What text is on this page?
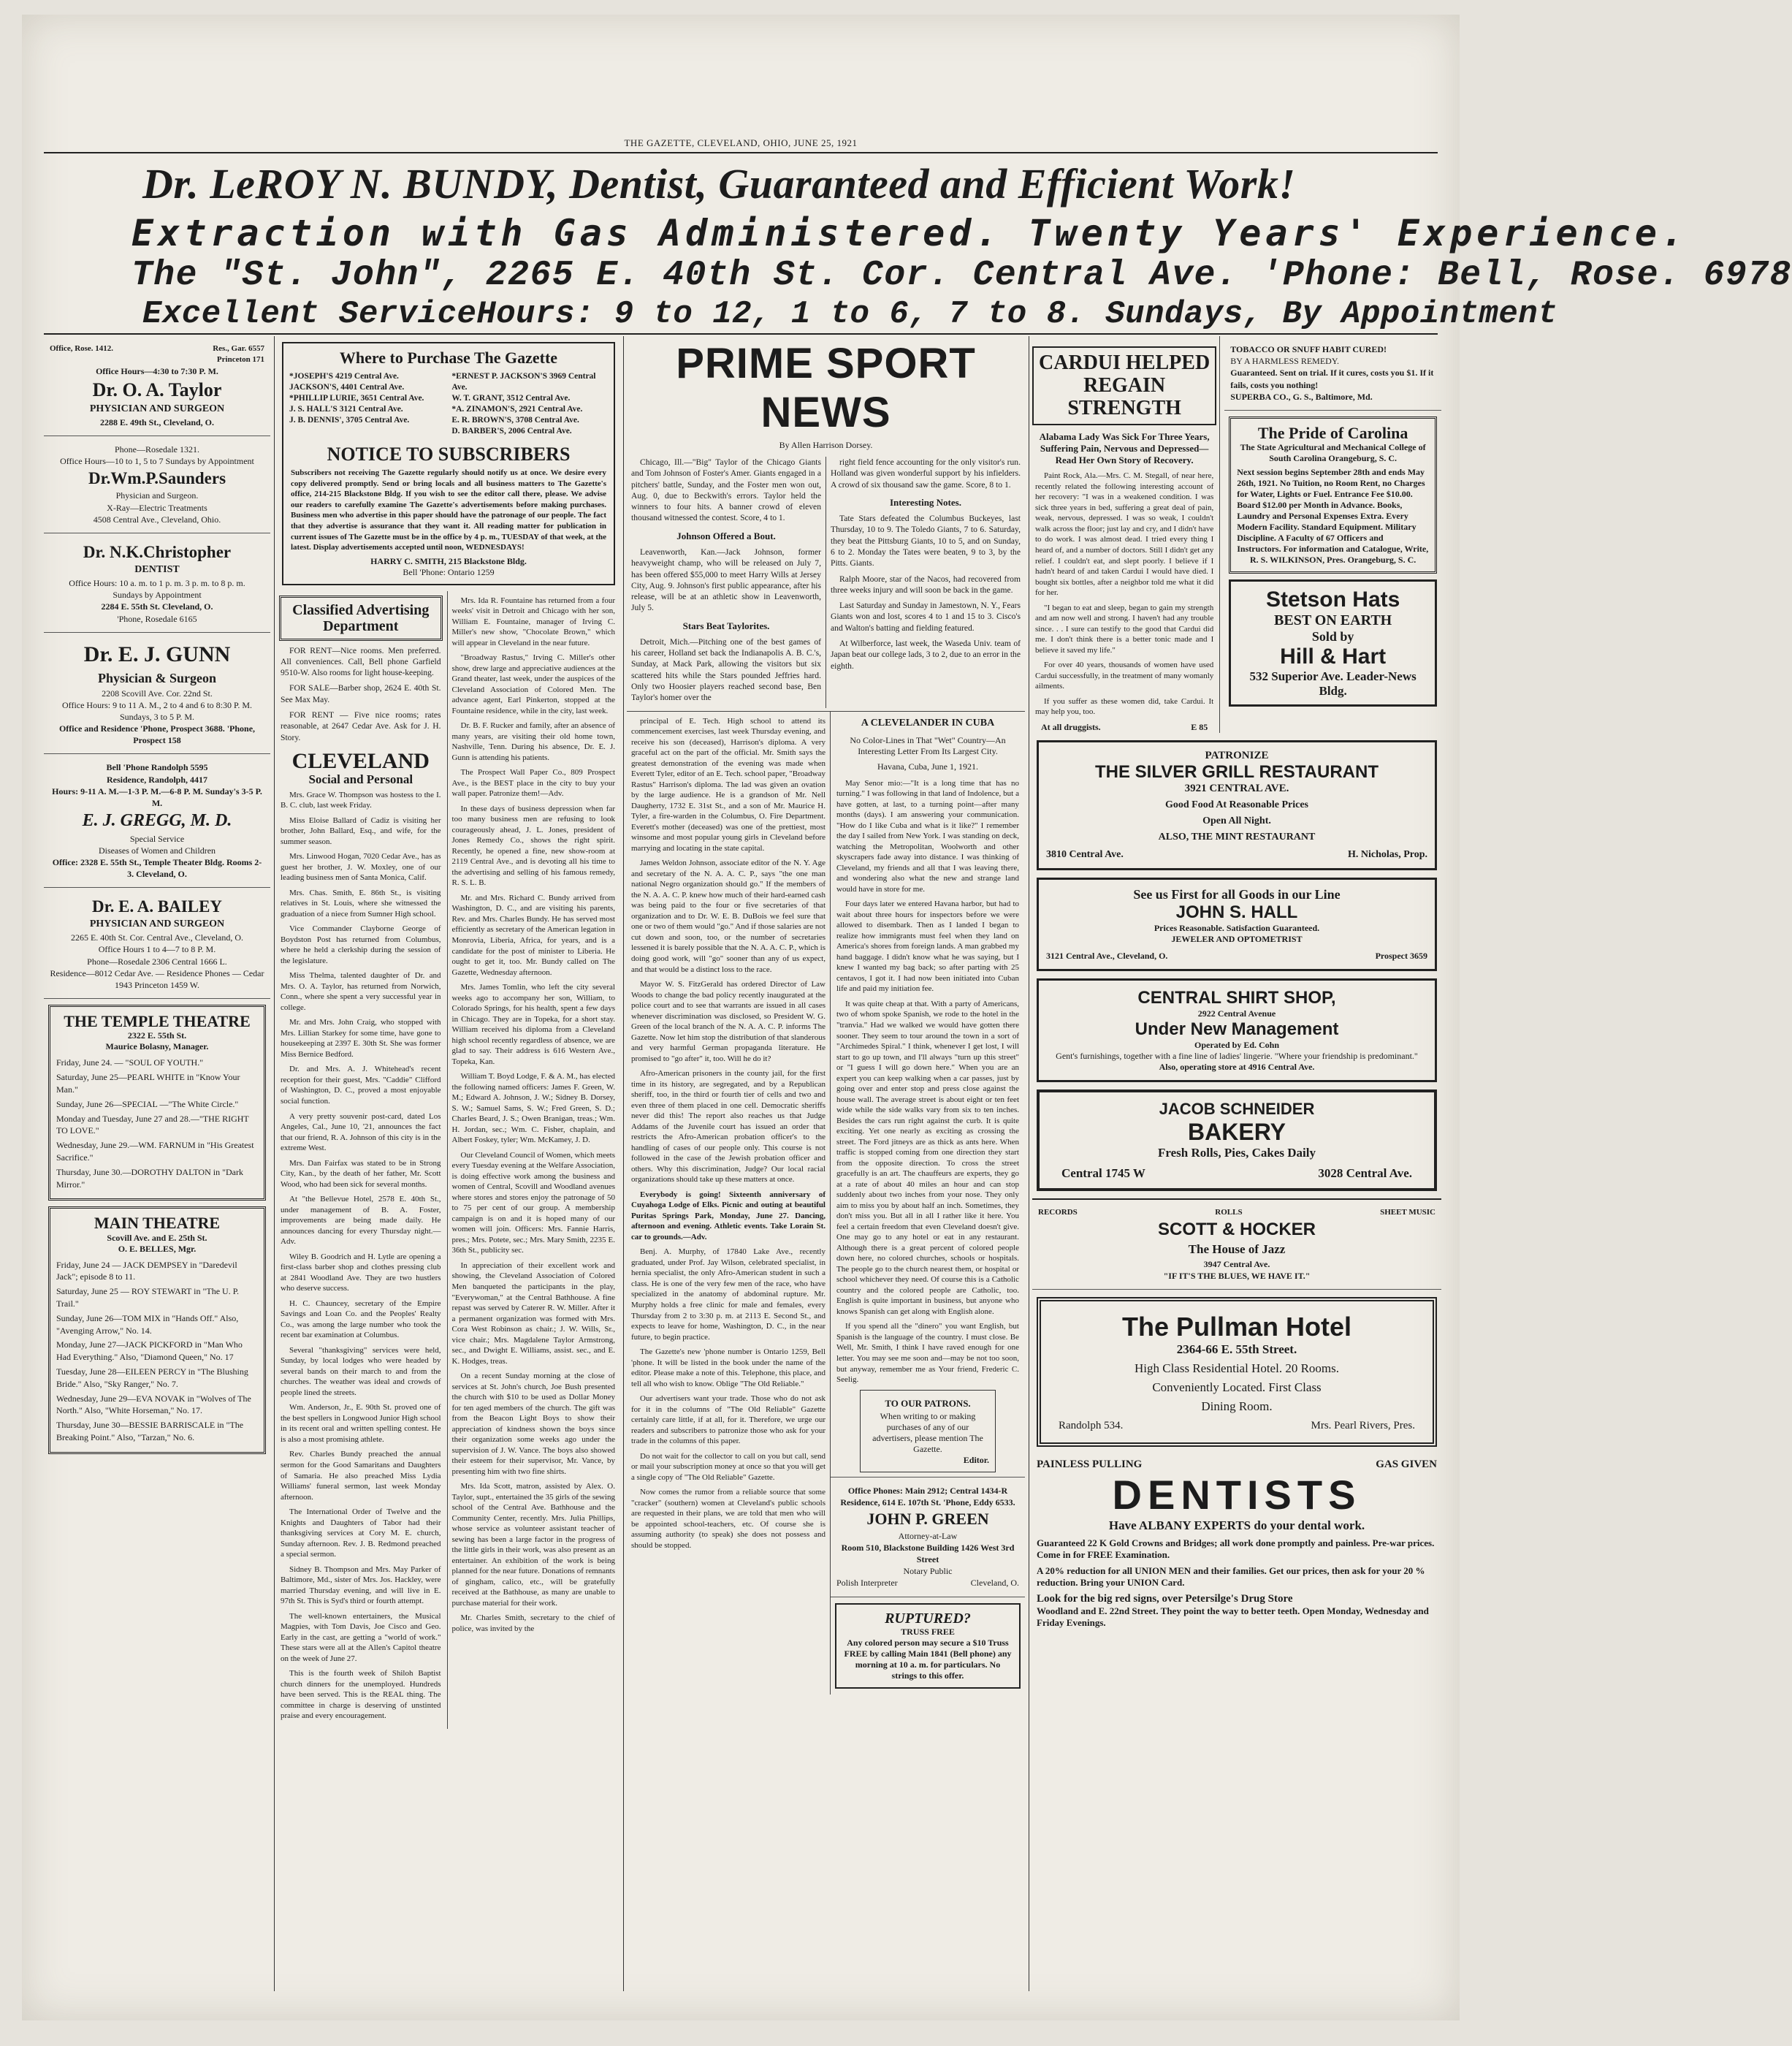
THE GAZETTE, CLEVELAND, OHIO, JUNE 25, 1921
Dr. LeROY N. BUNDY, Dentist, Guaranteed and Efficient Work!
Extraction with Gas Administered. Twenty Years' Experience.
The "St. John", 2265 E. 40th St. Cor. Central Ave. 'Phone: Bell, Rose. 6978
Excellent ServiceHours: 9 to 12, 1 to 6, 7 to 8. Sundays, By Appointment
Office, Rose. 1412.	Res., Gar. 6557
Princeton 171
Office Hours—4:30 to 7:30 P. M.
Dr. O. A. Taylor
PHYSICIAN AND SURGEON
2288 E. 49th St., Cleveland, O.
Phone—Rosedale 1321.
Office Hours—10 to 1, 5 to 7 Sundays by Appointment
Dr.Wm.P.Saunders
Physician and Surgeon.
X-Ray—Electric Treatments
4508 Central Ave., Cleveland, Ohio.
Dr. N.K.Christopher
DENTIST
Office Hours: 10 a. m. to 1 p. m. 3 p. m. to 8 p. m.
Sundays by Appointment
2284 E. 55th St. Cleveland, O.
'Phone, Rosedale 6165
Dr. E. J. GUNN
Physician & Surgeon
2208 Scovill Ave. Cor. 22nd St.
Office Hours: 9 to 11 A. M., 2 to 4 and 6 to 8:30 P. M. Sundays, 3 to 5 P. M.
Office and Residence 'Phone, Prospect 3688. 'Phone, Prospect 158
Bell 'Phone Randolph 5595
Residence, Randolph, 4417
Hours: 9-11 A. M.—1-3 P. M.—6-8 P. M. Sunday's 3-5 P. M.
E. J. GREGG, M. D.
Special Service
Diseases of Women and Children
Office: 2328 E. 55th St., Temple Theater Bldg. Rooms 2-3. Cleveland, O.
Dr. E. A. BAILEY
PHYSICIAN AND SURGEON
2265 E. 40th St. Cor. Central Ave., Cleveland, O.
Office Hours 1 to 4—7 to 8 P. M.
Phone—Rosedale 2306 Central 1666 L.
Residence—8012 Cedar Ave. — Residence Phones — Cedar 1943 Princeton 1459 W.
THE TEMPLE THEATRE
2322 E. 55th St.
Maurice Bolasny, Manager.

Friday, June 24. — "SOUL OF YOUTH."

Saturday, June 25—PEARL WHITE in "Know Your Man."

Sunday, June 26—SPECIAL —"The White Circle."

Monday and Tuesday, June 27 and 28.—"THE RIGHT TO LOVE."

Wednesday, June 29.—WM. FARNUM in "His Greatest Sacrifice."

Thursday, June 30.—DOROTHY DALTON in "Dark Mirror."

MAIN THEATRE
Scovill Ave. and E. 25th St.
O. E. BELLES, Mgr.

Friday, June 24 — JACK DEMPSEY in "Daredevil Jack"; episode 8 to 11.

Saturday, June 25 — ROY STEWART in "The U. P. Trail."

Sunday, June 26—TOM MIX in "Hands Off." Also, "Avenging Arrow," No. 14.

Monday, June 27—JACK PICKFORD in "Man Who Had Everything." Also, "Diamond Queen," No. 17

Tuesday, June 28—EILEEN PERCY in "The Blushing Bride." Also, "Sky Ranger," No. 7.

Wednesday, June 29—EVA NOVAK in "Wolves of The North." Also, "White Horseman," No. 17.

Thursday, June 30—BESSIE BARRISCALE in "The Breaking Point." Also, "Tarzan," No. 6.

Where to Purchase The Gazette
*JOSEPH'S 4219 Central Ave.
JACKSON'S, 4401 Central Ave.
*PHILLIP LURIE, 3651 Central Ave.
J. S. HALL'S 3121 Central Ave.
J. B. DENNIS', 3705 Central Ave.
*ERNEST P. JACKSON'S 3969 Central Ave.
W. T. GRANT, 3512 Central Ave.
*A. ZINAMON'S, 2921 Central Ave.
E. R. BROWN'S, 3708 Central Ave.
D. BARBER'S, 2006 Central Ave.
NOTICE TO SUBSCRIBERS
Subscribers not receiving The Gazette regularly should notify us at once. We desire every copy delivered promptly. Send or bring locals and all business matters to The Gazette's office, 214-215 Blackstone Bldg. If you wish to see the editor call there, please. We advise our readers to carefully examine The Gazette's advertisements before making purchases. Business men who advertise in this paper should have the patronage of our people. The fact that they advertise is assurance that they want it. All reading matter for publication in current issues of The Gazette must be in the office by 4 p. m., TUESDAY of that week, at the latest. Display advertisements accepted until noon, WEDNESDAYS!
HARRY C. SMITH, 215 Blackstone Bldg.
Bell 'Phone: Ontario 1259
Classified Advertising Department

FOR RENT—Nice rooms. Men preferred. All conveniences. Call, Bell phone Garfield 9510-W. Also rooms for light house-keeping.

FOR SALE—Barber shop, 2624 E. 40th St. See Max May.

FOR RENT — Five nice rooms; rates reasonable, at 2647 Cedar Ave. Ask for J. H. Story.

CLEVELAND
Social and Personal

Mrs. Grace W. Thompson was hostess to the I. B. C. club, last week Friday.

Miss Eloise Ballard of Cadiz is visiting her brother, John Ballard, Esq., and wife, for the summer season.

Mrs. Linwood Hogan, 7020 Cedar Ave., has as guest her brother, J. W. Moxley, one of our leading business men of Santa Monica, Calif.

Mrs. Chas. Smith, E. 86th St., is visiting relatives in St. Louis, where she witnessed the graduation of a niece from Sumner High school.

Vice Commander Clayborne George of Boydston Post has returned from Columbus, where he held a clerkship during the session of the legislature.

Miss Thelma, talented daughter of Dr. and Mrs. O. A. Taylor, has returned from Norwich, Conn., where she spent a very successful year in college.

Mr. and Mrs. John Craig, who stopped with Mrs. Lillian Starkey for some time, have gone to housekeeping at 2397 E. 30th St. She was former Miss Bernice Bedford.

Dr. and Mrs. A. J. Whitehead's recent reception for their guest, Mrs. "Caddie" Clifford of Washington, D. C., proved a most enjoyable social function.

A very pretty souvenir post-card, dated Los Angeles, Cal., June 10, '21, announces the fact that our friend, R. A. Johnson of this city is in the extreme West.

Mrs. Dan Fairfax was stated to be in Strong City, Kan., by the death of her father, Mr. Scott Wood, who had been sick for several months.

At "the Bellevue Hotel, 2578 E. 40th St., under management of B. A. Foster, improvements are being made daily. He announces dancing for every Thursday night.—Adv.

Wiley B. Goodrich and H. Lytle are opening a first-class barber shop and clothes pressing club at 2841 Woodland Ave. They are two hustlers who deserve success.

H. C. Chauncey, secretary of the Empire Savings and Loan Co. and the Peoples' Realty Co., was among the large number who took the recent bar examination at Columbus.

Several "thanksgiving" services were held, Sunday, by local lodges who were headed by several bands on their march to and from the churches. The weather was ideal and crowds of people lined the streets.

Wm. Anderson, Jr., E. 90th St. proved one of the best spellers in Longwood Junior High school in its recent oral and written spelling contest. He is also a most promising athlete.

Rev. Charles Bundy preached the annual sermon for the Good Samaritans and Daughters of Samaria. He also preached Miss Lydia Williams' funeral sermon, last week Monday afternoon.

The International Order of Twelve and the Knights and Daughters of Tabor had their thanksgiving services at Cory M. E. church, Sunday afternoon. Rev. J. B. Redmond preached a special sermon.

Sidney B. Thompson and Mrs. May Parker of Baltimore, Md., sister of Mrs. Jos. Hackley, were married Thursday evening, and will live in E. 97th St. This is Syd's third or fourth attempt.

The well-known entertainers, the Musical Magpies, with Tom Davis, Joe Cisco and Geo. Early in the cast, are getting a "world of work." These stars were all at the Allen's Capitol theatre on the week of June 27.

This is the fourth week of Shiloh Baptist church dinners for the unemployed. Hundreds have been served. This is the REAL thing. The committee in charge is deserving of unstinted praise and every encouragement.

Mrs. Ida R. Fountaine has returned from a four weeks' visit in Detroit and Chicago with her son, William E. Fountaine, manager of Irving C. Miller's new show, "Chocolate Brown," which will appear in Cleveland in the near future.

"Broadway Rastus," Irving C. Miller's other show, drew large and appreciative audiences at the Grand theater, last week, under the auspices of the Cleveland Association of Colored Men. The advance agent, Earl Pinkerton, stopped at the Fountaine residence, while in the city, last week.

Dr. B. F. Rucker and family, after an absence of many years, are visiting their old home town, Nashville, Tenn. During his absence, Dr. E. J. Gunn is attending his patients.

The Prospect Wall Paper Co., 809 Prospect Ave., is the BEST place in the city to buy your wall paper. Patronize them!—Adv.

In these days of business depression when far too many business men are refusing to look courageously ahead, J. L. Jones, president of Jones Remedy Co., shows the right spirit. Recently, he opened a fine, new show-room at 2119 Central Ave., and is devoting all his time to the advertising and selling of his famous remedy, R. S. L. B.

Mr. and Mrs. Richard C. Bundy arrived from Washington, D. C., and are visiting his parents, Rev. and Mrs. Charles Bundy. He has served most efficiently as secretary of the American legation in Monrovia, Liberia, Africa, for years, and is a candidate for the post of minister to Liberia. He ought to get it, too. Mr. Bundy called on The Gazette, Wednesday afternoon.

Mrs. James Tomlin, who left the city several weeks ago to accompany her son, William, to Colorado Springs, for his health, spent a few days in Chicago. They are in Topeka, for a short stay. William received his diploma from a Cleveland high school recently regardless of absence, we are glad to say. Their address is 616 Western Ave., Topeka, Kan.

William T. Boyd Lodge, F. & A. M., has elected the following named officers: James F. Green, W. M.; Edward A. Johnson, J. W.; Sidney B. Dorsey, S. W.; Samuel Sams, S. W.; Fred Green, S. D.; Charles Beard, J. S.; Owen Branigan, treas.; Wm. H. Jordan, sec.; Wm. C. Fisher, chaplain, and Albert Foskey, tyler; Wm. McKamey, J. D.

Our Cleveland Council of Women, which meets every Tuesday evening at the Welfare Association, is doing effective work among the business and women of Central, Scovill and Woodland avenues where stores and stores enjoy the patronage of 50 to 75 per cent of our group. A membership campaign is on and it is hoped many of our women will join. Officers: Mrs. Fannie Harris, pres.; Mrs. Potete, sec.; Mrs. Mary Smith, 2235 E. 36th St., publicity sec.

In appreciation of their excellent work and showing, the Cleveland Association of Colored Men banqueted the participants in the play, "Everywoman," at the Central Bathhouse. A fine repast was served by Caterer R. W. Miller. After it a permanent organization was formed with Mrs. Cora West Robinson as chair.; J. W. Wills, Sr., vice chair.; Mrs. Magdalene Taylor Armstrong, sec., and Dwight E. Williams, assist. sec., and E. K. Hodges, treas.

On a recent Sunday morning at the close of services at St. John's church, Joe Bush presented the church with $10 to be used as Dollar Money for ten aged members of the church. The gift was from the Beacon Light Boys to show their appreciation of kindness shown the boys since their organization some weeks ago under the supervision of J. W. Vance. The boys also showed their esteem for their supervisor, Mr. Vance, by presenting him with two fine shirts.

Mrs. Ida Scott, matron, assisted by Alex. O. Taylor, supt., entertained the 35 girls of the sewing school of the Central Ave. Bathhouse and the Community Center, recently. Mrs. Julia Phillips, whose service as volunteer assistant teacher of sewing has been a large factor in the progress of the little girls in their work, was also present as an entertainer. An exhibition of the work is being planned for the near future. Donations of remnants of gingham, calico, etc., will be gratefully received at the Bathhouse, as many are unable to purchase material for their work.

Mr. Charles Smith, secretary to the chief of police, was invited by the

PRIME SPORT NEWS
By Allen Harrison Dorsey.

Chicago, Ill.—"Big" Taylor of the Chicago Giants and Tom Johnson of Foster's Amer. Giants engaged in a pitchers' battle, Sunday, and the Foster men won out, Aug. 0, due to Beckwith's errors. Taylor held the winners to four hits. A banner crowd of eleven thousand witnessed the contest. Score, 4 to 1.

Johnson Offered a Bout.

Leavenworth, Kan.—Jack Johnson, former heavyweight champ, who will be released on July 7, has been offered $55,000 to meet Harry Wills at Jersey City, Aug. 9. Johnson's first public appearance, after his release, will be at an athletic show in Leavenworth, July 5.

Stars Beat Taylorites.

Detroit, Mich.—Pitching one of the best games of his career, Holland set back the Indianapolis A. B. C.'s, Sunday, at Mack Park, allowing the visitors but six scattered hits while the Stars pounded Jeffries hard. Only two Hoosier players reached second base, Ben Taylor's homer over the

right field fence accounting for the only visitor's run. Holland was given wonderful support by his infielders. A crowd of six thousand saw the game. Score, 8 to 1.

Interesting Notes.

Tate Stars defeated the Columbus Buckeyes, last Thursday, 10 to 9. The Toledo Giants, 7 to 6. Saturday, they beat the Pittsburg Giants, 10 to 5, and on Sunday, 6 to 2. Monday the Tates were beaten, 9 to 3, by the Pitts. Giants.

Ralph Moore, star of the Nacos, had recovered from three weeks injury and will soon be back in the game.

Last Saturday and Sunday in Jamestown, N. Y., Fears Giants won and lost, scores 4 to 1 and 15 to 3. Cisco's and Walton's batting and fielding featured.

At Wilberforce, last week, the Waseda Univ. team of Japan beat our college lads, 3 to 2, due to an error in the eighth.

principal of E. Tech. High school to attend its commencement exercises, last week Thursday evening, and receive his son (deceased), Harrison's diploma. A very graceful act on the part of the official. Mr. Smith says the greatest demonstration of the evening was made when Everett Tyler, editor of an E. Tech. school paper, "Broadway Rastus" Harrison's diploma. The lad was given an ovation by the large audience. He is a grandson of Mr. Nell Daugherty, 1732 E. 31st St., and a son of Mr. Maurice H. Tyler, a fire-warden in the Columbus, O. Fire Department. Everett's mother (deceased) was one of the prettiest, most winsome and most popular young girls in Cleveland before marrying and locating in the state capital.

James Weldon Johnson, associate editor of the N. Y. Age and secretary of the N. A. A. C. P., says "the one man national Negro organization should go." If the members of the N. A. A. C. P. knew how much of their hard-earned cash was being paid to the four or five secretaries of that organization and to Dr. W. E. B. DuBois we feel sure that one or two of them would "go." And if those salaries are not cut down and soon, too, or the number of secretaries lessened it is barely possible that the N. A. A. C. P., which is doing good work, will "go" sooner than any of us expect, and that would be a distinct loss to the race.

Mayor W. S. FitzGerald has ordered Director of Law Woods to change the bad policy recently inaugurated at the police court and to see that warrants are issued in all cases whenever discrimination was disclosed, so President W. G. Green of the local branch of the N. A. A. C. P. informs The Gazette. Now let him stop the distribution of that slanderous and very harmful German propaganda literature. He promised to "go after" it, too. Will he do it?

Afro-American prisoners in the county jail, for the first time in its history, are segregated, and by a Republican sheriff, too, in the third or fourth tier of cells and two and even three of them placed in one cell. Democratic sheriffs never did this! The report also reaches us that Judge Addams of the Juvenile court has issued an order that restricts the Afro-American probation officer's to the handling of cases of our people only. This course is not followed in the case of the Jewish probation officer and others. Why this discrimination, Judge? Our local racial organizations should take up these matters at once.

Everybody is going! Sixteenth anniversary of Cuyahoga Lodge of Elks. Picnic and outing at beautiful Puritas Springs Park, Monday, June 27. Dancing, afternoon and evening. Athletic events. Take Lorain St. car to grounds.—Adv.

Benj. A. Murphy, of 17840 Lake Ave., recently graduated, under Prof. Jay Wilson, celebrated specialist, in hernia specialist, the only Afro-American student in such a class. He is one of the very few men of the race, who have specialized in the anatomy of abdominal rupture. Mr. Murphy holds a free clinic for male and females, every Thursday from 2 to 3:30 p. m. at 2113 E. Second St., and expects to leave for home, Washington, D. C., in the near future, to begin practice.

The Gazette's new 'phone number is Ontario 1259, Bell 'phone. It will be listed in the book under the name of the editor. Please make a note of this. Telephone, this place, and tell all who wish to know. Oblige "The Old Reliable."

Our advertisers want your trade. Those who do not ask for it in the columns of "The Old Reliable" Gazette certainly care little, if at all, for it. Therefore, we urge our readers and subscribers to patronize those who ask for your trade in the columns of this paper.

Do not wait for the collector to call on you but call, send or mail your subscription money at once so that you will get a single copy of "The Old Reliable" Gazette.

Now comes the rumor from a reliable source that some "cracker" (southern) women at Cleveland's public schools are requested in their plans, we are told that men who will be appointed school-teachers, etc. Of course she is assuming authority (to speak) she does not possess and should be stopped.

A CLEVELANDER IN CUBA
No Color-Lines in That "Wet" Country—An Interesting Letter From Its Largest City.
Havana, Cuba, June 1, 1921.

May Senor mio:—"It is a long time that has no turning." I was following in that land of Indolence, but a have gotten, at last, to a turning point—after many months (days). I am answering your communication. "How do I like Cuba and what is it like?" I remember the day I sailed from New York. I was standing on deck, watching the Metropolitan, Woolworth and other skyscrapers fade away into distance. I was thinking of Cleveland, my friends and all that I was leaving there, and wondering also what the new and strange land would have in store for me.

Four days later we entered Havana harbor, but had to wait about three hours for inspectors before we were allowed to disembark. Then as I landed I began to realize how immigrants must feel when they land on America's shores from foreign lands. A man grabbed my hand baggage. I didn't know what he was saying, but I knew I wanted my bag back; so after parting with 25 centavos, I got it. I had now been initiated into Cuban life and paid my initiation fee.

It was quite cheap at that. With a party of Americans, two of whom spoke Spanish, we rode to the hotel in the "tranvia." Had we walked we would have gotten there sooner. They seem to tour around the town in a sort of "Archimedes Spiral." I think, whenever I get lost, I will start to go up town, and I'll always "turn up this street" or "I guess I will go down here." When you are an expert you can keep walking when a car passes, just by going over and enter stop and press close against the house wall. The average street is about eight or ten feet wide while the side walks vary from six to ten inches. Besides the cars run right against the curb. It is quite exciting. Yet one nearly as exciting as crossing the street. The Ford jitneys are as thick as ants here. When traffic is stopped coming from one direction they start from the opposite direction. To cross the street gracefully is an art. The chauffeurs are experts, they go at a rate of about 40 miles an hour and can stop suddenly about two inches from your nose. They only aim to miss you by about half an inch. Sometimes, they don't miss you. But all in all I rather like it here. You feel a certain freedom that even Cleveland doesn't give. One may go to any hotel or eat in any restaurant. Although there is a great percent of colored people down here, no colored churches, schools or hospitals. The people go to the church nearest them, or hospital or school whichever they need. Of course this is a Catholic country and the colored people are Catholic, too. English is quite important in business, but anyone who knows Spanish can get along with English alone.

If you spend all the "dinero" you want English, but Spanish is the language of the country. I must close. Be Well, Mr. Smith, I think I have raved enough for one letter. You may see me soon and—may be not too soon, but anyway, remember me as Your friend, Frederic C. Seelig.

TO OUR PATRONS.
When writing to or making purchases of any of our advertisers, please mention The Gazette.
Editor.
Office Phones: Main 2912; Central 1434-R Residence, 614 E. 107th St. 'Phone, Eddy 6533.
JOHN P. GREEN
Attorney-at-Law
Room 510, Blackstone Building 1426 West 3rd Street
Notary Public
Polish Interpreter	Cleveland, O.
RUPTURED?
TRUSS FREE
Any colored person may secure a $10 Truss FREE by calling Main 1841 (Bell phone) any morning at 10 a. m. for particulars. No strings to this offer.
CARDUI HELPED REGAIN STRENGTH
Alabama Lady Was Sick For Three Years, Suffering Pain, Nervous and Depressed—Read Her Own Story of Recovery.

Paint Rock, Ala.—Mrs. C. M. Stegall, of near here, recently related the following interesting account of her recovery: "I was in a weakened condition. I was sick three years in bed, suffering a great deal of pain, weak, nervous, depressed. I was so weak, I couldn't walk across the floor; just lay and cry, and I didn't have to do work. I was almost dead. I tried every thing I heard of, and a number of doctors. Still I didn't get any relief. I couldn't eat, and slept poorly. I believe if I hadn't heard of and taken Cardui I would have died. I bought six bottles, after a neighbor told me what it did for her.

"I began to eat and sleep, began to gain my strength and am now well and strong. I haven't had any trouble since. . . I sure can testify to the good that Cardui did me. I don't think there is a better tonic made and I believe it saved my life."

For over 40 years, thousands of women have used Cardui successfully, in the treatment of many womanly ailments.

If you suffer as these women did, take Cardui. It may help you, too.

At all druggists.	E 85
TOBACCO OR SNUFF HABIT CURED!
BY A HARMLESS REMEDY.
Guaranteed. Sent on trial. If it cures, costs you $1. If it fails, costs you nothing!
SUPERBA CO., G. S., Baltimore, Md.
The Pride of Carolina
The State Agricultural and Mechanical College of South Carolina Orangeburg, S. C.
Next session begins September 28th and ends May 26th, 1921. No Tuition, no Room Rent, no Charges for Water, Lights or Fuel. Entrance Fee $10.00. Board $12.00 per Month in Advance. Books, Laundry and Personal Expenses Extra. Every Modern Facility. Standard Equipment. Military Discipline. A Faculty of 67 Officers and Instructors. For information and Catalogue, Write,
R. S. WILKINSON, Pres. Orangeburg, S. C.
Stetson Hats
BEST ON EARTH
Sold by
Hill & Hart
532 Superior Ave. Leader-News Bldg.
PATRONIZE
THE SILVER GRILL RESTAURANT
3921 CENTRAL AVE.
Good Food At Reasonable Prices
Open All Night.
ALSO, THE MINT RESTAURANT
3810 Central Ave.	H. Nicholas, Prop.
See us First for all Goods in our Line
JOHN S. HALL
Prices Reasonable. Satisfaction Guaranteed.
JEWELER AND OPTOMETRIST
3121 Central Ave., Cleveland, O.	Prospect 3659
CENTRAL SHIRT SHOP,
2922 Central Avenue
Under New Management
Operated by Ed. Cohn
Gent's furnishings, together with a fine line of ladies' lingerie. "Where your friendship is predominant."
Also, operating store at 4916 Central Ave.
JACOB SCHNEIDER
BAKERY
Fresh Rolls, Pies, Cakes Daily
Central 1745 W	3028 Central Ave.
RECORDS	ROLLS	SHEET MUSIC
SCOTT & HOCKER
The House of Jazz
3947 Central Ave.
"IF IT'S THE BLUES, WE HAVE IT."
The Pullman Hotel
2364-66 E. 55th Street.
High Class Residential Hotel. 20 Rooms.
Conveniently Located. First Class
Dining Room.
Randolph 534.	Mrs. Pearl Rivers, Pres.
PAINLESS PULLING	GAS GIVEN
DENTISTS
Have ALBANY EXPERTS do your dental work.
Guaranteed 22 K Gold Crowns and Bridges; all work done promptly and painless. Pre-war prices. Come in for FREE Examination.
A 20% reduction for all UNION MEN and their families. Get our prices, then ask for your 20 % reduction. Bring your UNION Card.
Look for the big red signs, over Petersilge's Drug Store
Woodland and E. 22nd Street. They point the way to better teeth. Open Monday, Wednesday and Friday Evenings.
